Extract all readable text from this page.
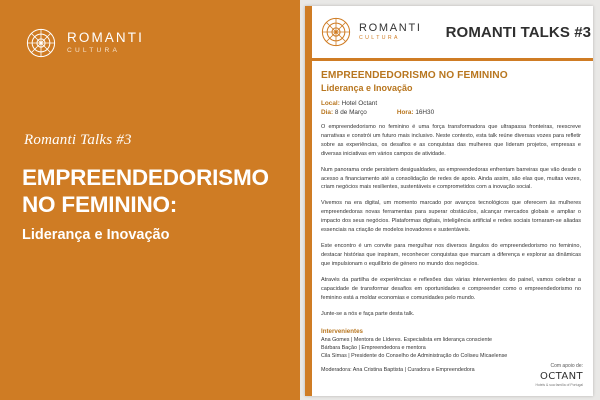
ROMANTI
CULTURA
Romanti Talks #3
EMPREENDEDORISMO
NO FEMININO:
Liderança e Inovação
ROMANTI
CULTURA	ROMANTI TALKS #3
EMPREENDEDORISMO NO FEMININO
Liderança e Inovação
Local: Hotel Octant
Dia: 8 de Março	Hora: 16H30
O empreendedorismo no feminino é uma força transformadora que ultrapassa fronteiras, reescreve narrativas e constrói um futuro mais inclusivo. Neste contexto, esta talk reúne diversas vozes para refletir sobre as experiências, os desafios e as conquistas das mulheres que lideram projetos, empresas e diversas iniciativas em vários campos de atividade.
Num panorama onde persistem desigualdades, as empreendedoras enfrentam barreiras que vão desde o acesso a financiamento até a consolidação de redes de apoio. Ainda assim, são elas que, muitas vezes, criam negócios mais resilientes, sustentáveis e comprometidos com a inovação social.
Vivemos na era digital, um momento marcado por avanços tecnológicos que oferecem às mulheres empreendedoras novas ferramentas para superar obstáculos, alcançar mercados globais e ampliar o impacto dos seus negócios. Plataformas digitais, inteligência artificial e redes sociais tornaram-se aliadas essenciais na criação de modelos inovadores e sustentáveis.
Este encontro é um convite para mergulhar nos diversos ângulos do empreendedorismo no feminino, destacar histórias que inspiram, reconhecer conquistas que marcam a diferença e explorar as dinâmicas que impulsionam o equilíbrio de género no mundo dos negócios.
Através da partilha de experiências e reflexões das várias intervenientes do painel, vamos celebrar a capacidade de transformar desafios em oportunidades e compreender como o empreendedorismo no feminino está a moldar economias e comunidades pelo mundo.
Junte-se a nós e faça parte desta talk.
Intervenientes
Ana Gomes | Mentora de Líderes. Especialista em liderança consciente
Bárbara Baçâo | Empreendedora e mentora
Cila Simas | Presidente do Conselho de Administração do Coliseu Micaelense
Moderadora: Ana Cristina Baptista | Curadora e Empreendedora
Com apoio de:
OCTANT
Hotels & sua família of Portugal
